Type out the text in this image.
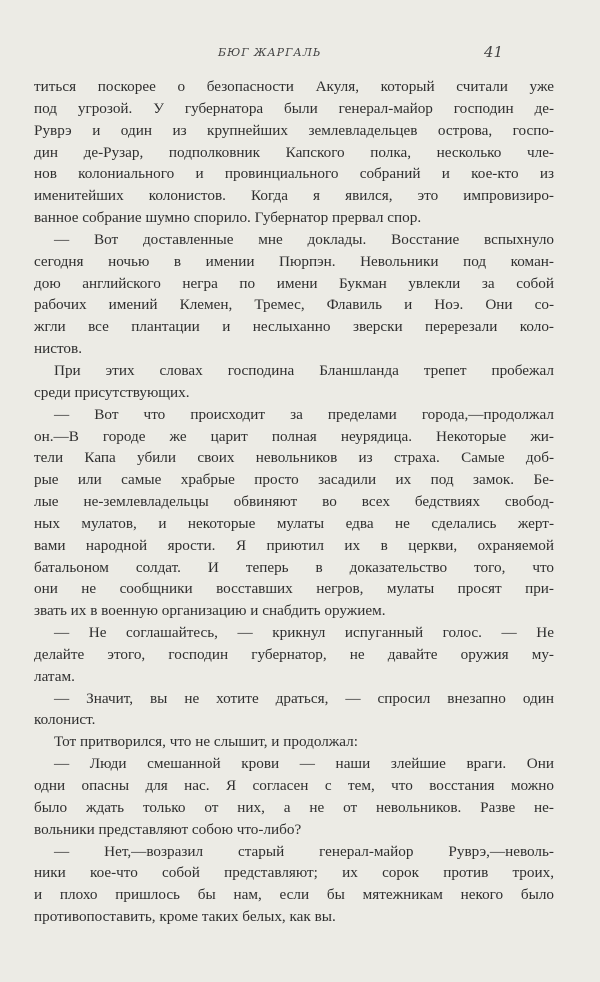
БЮГ ЖАРГАЛЬ	41
титься поскорее о безопасности Акуля, который считали уже
под угрозой. У губернатора были генерал-майор господин де-
Руврэ и один из крупнейших землевладельцев острова, госпо-
дин де-Рузар, подполковник Капского полка, несколько чле-
нов колониального и провинциального собраний и кое-кто из
именитейших колонистов. Когда я явился, это импровизиро-
ванное собрание шумно спорило. Губернатор прервал спор.
— Вот доставленные мне доклады. Восстание вспыхнуло
сегодня ночью в имении Пюрпэн. Невольники под коман-
дою английского негра по имени Букман увлекли за собой
рабочих имений Клемен, Тремес, Флавиль и Ноэ. Они со-
жгли все плантации и неслыханно зверски перерезали коло-
нистов.
При этих словах господина Бланшланда трепет пробежал
среди присутствующих.
— Вот что происходит за пределами города,—продолжал
он.—В городе же царит полная неурядица. Некоторые жи-
тели Капа убили своих невольников из страха. Самые доб-
рые или самые храбрые просто засадили их под замок. Бе-
лые не-землевладельцы обвиняют во всех бедствиях свобод-
ных мулатов, и некоторые мулаты едва не сделались жерт-
вами народной ярости. Я приютил их в церкви, охраняемой
батальоном солдат. И теперь в доказательство того, что
они не сообщники восставших негров, мулаты просят при-
звать их в военную организацию и снабдить оружием.
— Не соглашайтесь, — крикнул испуганный голос. — Не
делайте этого, господин губернатор, не давайте оружия му-
латам.
— Значит, вы не хотите драться, — спросил внезапно один
колонист.
Тот притворился, что не слышит, и продолжал:
— Люди смешанной крови — наши злейшие враги. Они
одни опасны для нас. Я согласен с тем, что восстания можно
было ждать только от них, а не от невольников. Разве не-
вольники представляют собою что-либо?
— Нет,—возразил старый генерал-майор Руврэ,—неволь-
ники кое-что собой представляют; их сорок против троих,
и плохо пришлось бы нам, если бы мятежникам некого было
противопоставить, кроме таких белых, как вы.
